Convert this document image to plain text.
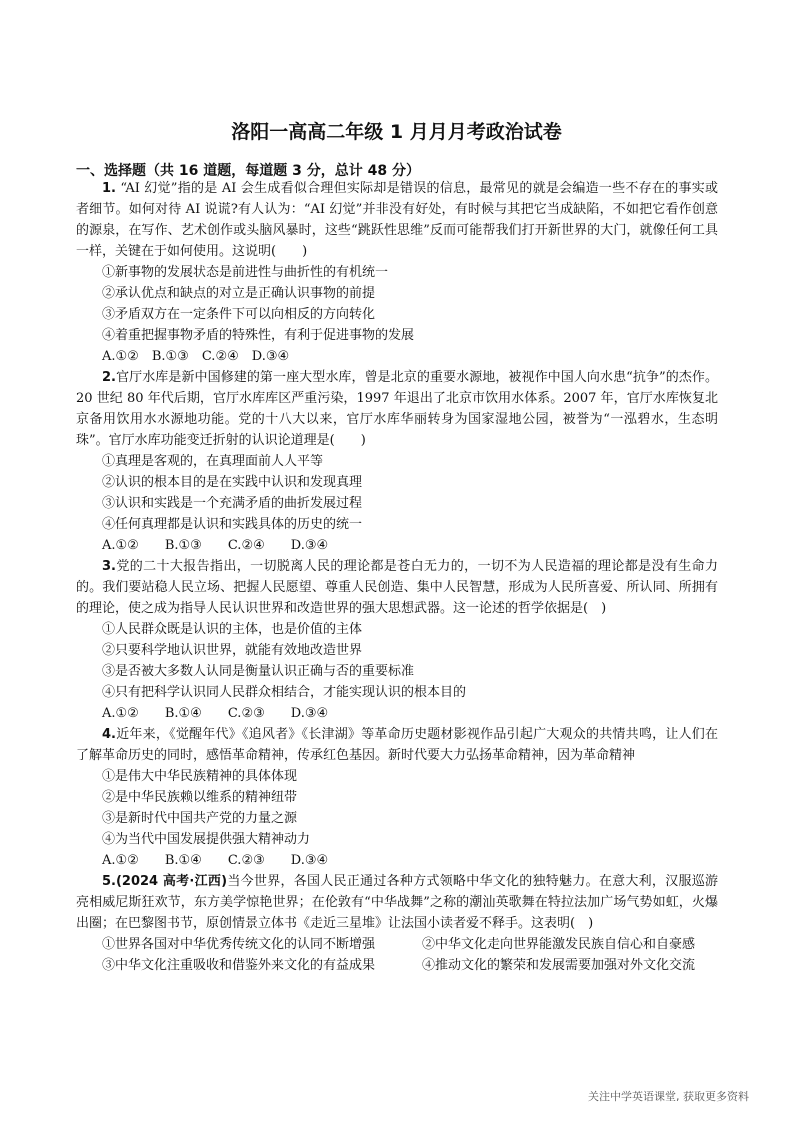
洛阳一高高二年级 1 月月月考政治试卷
一、选择题（共 16 道题，每道题 3 分，总计 48 分）

1. “AI 幻觉”指的是 AI 会生成看似合理但实际却是错误的信息，最常见的就是会编造一些不存在的事实或者细节。如何对待 AI 说谎?有人认为：“AI 幻觉”并非没有好处，有时候与其把它当成缺陷，不如把它看作创意的源泉，在写作、艺术创作或头脑风暴时，这些“跳跃性思维”反而可能帮我们打开新世界的大门，就像任何工具一样，关键在于如何使用。这说明(　　)

①新事物的发展状态是前进性与曲折性的有机统一

②承认优点和缺点的对立是正确认识事物的前提

③矛盾双方在一定条件下可以向相反的方向转化

④着重把握事物矛盾的特殊性，有利于促进事物的发展

A.①②　B.①③　C.②④　D.③④

2.官厅水库是新中国修建的第一座大型水库，曾是北京的重要水源地，被视作中国人向水患“抗争”的杰作。20 世纪 80 年代后期，官厅水库库区严重污染，1997 年退出了北京市饮用水体系。2007 年，官厅水库恢复北京备用饮用水水源地功能。党的十八大以来，官厅水库华丽转身为国家湿地公园，被誉为“一泓碧水，生态明珠”。官厅水库功能变迁折射的认识论道理是(　　)

①真理是客观的，在真理面前人人平等

②认识的根本目的是在实践中认识和发现真理

③认识和实践是一个充满矛盾的曲折发展过程

④任何真理都是认识和实践具体的历史的统一

A.①②　　B.①③　　C.②④　　D.③④

3.党的二十大报告指出，一切脱离人民的理论都是苍白无力的，一切不为人民造福的理论都是没有生命力的。我们要站稳人民立场、把握人民愿望、尊重人民创造、集中人民智慧，形成为人民所喜爱、所认同、所拥有的理论，使之成为指导人民认识世界和改造世界的强大思想武器。这一论述的哲学依据是(　)

①人民群众既是认识的主体，也是价值的主体

②只要科学地认识世界，就能有效地改造世界

③是否被大多数人认同是衡量认识正确与否的重要标准

④只有把科学认识同人民群众相结合，才能实现认识的根本目的

A.①②　　B.①④　　C.②③　　D.③④

4.近年来，《觉醒年代》《追风者》《长津湖》等革命历史题材影视作品引起广大观众的共情共鸣，让人们在了解革命历史的同时，感悟革命精神，传承红色基因。新时代要大力弘扬革命精神，因为革命精神

①是伟大中华民族精神的具体体现

②是中华民族赖以维系的精神纽带

③是新时代中国共产党的力量之源

④为当代中国发展提供强大精神动力

A.①②　　B.①④　　C.②③　　D.③④

5.(2024 高考·江西)当今世界，各国人民正通过各种方式领略中华文化的独特魅力。在意大利，汉服巡游亮相威尼斯狂欢节，东方美学惊艳世界；在伦敦有“中华战舞”之称的潮汕英歌舞在特拉法加广场气势如虹，火爆出圈；在巴黎图书节，原创情景立体书《走近三星堆》让法国小读者爱不释手。这表明(　)

①世界各国对中华优秀传统文化的认同不断增强	②中华文化走向世界能激发民族自信心和自豪感

③中华文化注重吸收和借鉴外来文化的有益成果	④推动文化的繁荣和发展需要加强对外文化交流

关注中学英语课堂, 获取更多资料
